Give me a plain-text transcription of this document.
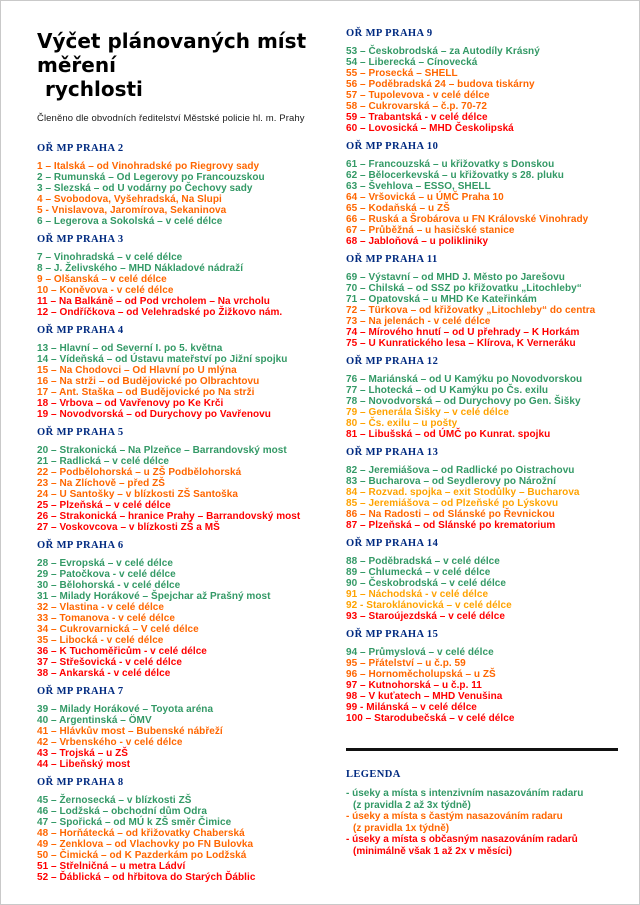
Výčet plánovaných míst měření
rychlosti
Členěno dle obvodních ředitelství Městské policie hl. m. Prahy
OŘ MP PRAHA 2
1 – Italská – od Vinohradské po Riegrovy sady
2 – Rumunská – Od Legerovy po Francouzskou
3 – Slezská – od U vodárny po Čechovy sady
4 – Svobodova, Vyšehradská, Na Slupi
5 - Vnislavova, Jaromírova, Sekaninova
6 – Legerova a Sokolská – v celé délce
OŘ MP PRAHA 3
7 – Vinohradská – v celé délce
8 – J. Želivského – MHD Nákladové nádraží
9 – Olšanská – v celé délce
10 – Koněvova - v celé délce
11 – Na Balkáně – od Pod vrcholem – Na vrcholu
12 – Ondříčkova – od Velehradské po Žižkovo nám.
OŘ MP PRAHA 4
13 – Hlavní – od Severní I. po 5. května
14 – Vídeňská – od Ústavu mateřství po Jižní spojku
15 – Na Chodovci – Od Hlavní po U mlýna
16 – Na strži – od Budějovické po Olbrachtovu
17 – Ant. Staška – od Budějovické po Na strži
18 – Vrbova – od Vavřenovy po Ke Krči
19 – Novodvorská – od Durychovy po Vavřenovu
OŘ MP PRAHA 5
20 – Strakonická – Na Plzeňce – Barrandovský most
21 – Radlická – v celé délce
22 – Podbělohorská – u ZŠ Podbělohorská
23 – Na Zlíchově – před ZŠ
24 – U Santošky – v blízkosti ZŠ Santoška
25 – Plzeňská – v celé délce
26 – Strakonická – hranice Prahy – Barrandovský most
27 – Voskovcova – v blízkosti ZŠ a MŠ
OŘ MP PRAHA 6
28 – Evropská – v celé délce
29 – Patočkova - v celé délce
30 – Bělohorská - v celé délce
31 – Milady Horákové – Špejchar až Prašný most
32 – Vlastina - v celé délce
33 – Tomanova - v celé délce
34 – Cukrovarnická – V celé délce
35 – Libocká - v celé délce
36 – K Tuchoměřicům - v celé délce
37 – Střešovická - v celé délce
38 – Ankarská - v celé délce
OŘ MP PRAHA 7
39 – Milady Horákové – Toyota aréna
40 – Argentinská – ÖMV
41 – Hlávkův most – Bubenské nábřeží
42 – Vrbenského - v celé délce
43 – Trojská – u ZŠ
44 – Libeňský most
OŘ MP PRAHA 8
45 – Žernosecká – v blízkosti ZŠ
46 – Lodžská – obchodní dům Odra
47 – Spořická – od MÚ k ZŠ směr Čimice
48 – Horňátecká – od křižovatky Chaberská
49 – Zenklova – od Vlachovky po FN Bulovka
50 – Čimická – od K Pazderkám po Lodžská
51 – Střelničná – u metra Ládví
52 – Ďáblická – od hřbitova do Starých Ďáblic
OŘ MP PRAHA 9
53 – Českobrodská – za Autodíly Krásný
54 – Liberecká – Cínovecká
55 – Prosecká – SHELL
56 – Poděbradská 24 – budova tiskárny
57 – Tupolevova - v celé délce
58 – Cukrovarská – č.p. 70-72
59 – Trabantská - v celé délce
60 – Lovosická – MHD Českolipská
OŘ MP PRAHA 10
61 – Francouzská – u křižovatky s Donskou
62 – Bělocerkevská – u křižovatky s 28. pluku
63 – Švehlova – ESSO, SHELL
64 – Vršovická – u ÚMČ Praha 10
65 – Kodaňská – u ZŠ
66 – Ruská a Šrobárova u FN Královské Vinohrady
67 – Průběžná – u hasičské stanice
68 – Jabloňová – u polikliniky
OŘ MP PRAHA 11
69 – Výstavní – od MHD J. Město po Jarešovu
70 – Chilská – od SSZ po křižovatku „Litochleby“
71 – Opatovská – u MHD Ke Kateřinkám
72 – Türkova – od křižovatky „Litochleby“ do centra
73 – Na jelenách - v celé délce
74 – Mírového hnutí – od U přehrady – K Horkám
75 – U Kunratického lesa – Klírova, K Verneráku
OŘ MP PRAHA 12
76 – Mariánská – od U Kamýku po Novodvorskou
77 – Lhotecká – od U Kamýku po Čs. exilu
78 – Novodvorská – od Durychovy po Gen. Šišky
79 – Generála Šišky – v celé délce
80 – Čs. exilu – u pošty
81 – Libušská – od ÚMČ po Kunrat. spojku
OŘ MP PRAHA 13
82 – Jeremiášova – od Radlické po Oistrachovu
83 – Bucharova – od Seydlerovy po Nárožní
84 – Rozvad. spojka – exit Stodůlky – Bucharova
85 – Jeremiášova – od Plzeňské po Lýskovu
86 – Na Radosti – od Slánské po Řevnickou
87 – Plzeňská – od Slánské po krematorium
OŘ MP PRAHA 14
88 – Poděbradská – v celé délce
89 – Chlumecká – v celé délce
90 – Českobrodská – v celé délce
91 – Náchodská - v celé délce
92 - Staroklánovická – v celé délce
93 – Staroújezdská – v celé délce
OŘ MP PRAHA 15
94 – Průmyslová – v celé délce
95 – Přátelství – u č.p. 59
96 – Hornoměcholupská – u ZŠ
97 – Kutnohorská – u č.p. 11
98 – V kuťatech – MHD Venušina
99 - Milánská – v celé délce
100 – Starodubečská – v celé délce
LEGENDA
- úseky a místa s intenzivním nasazováním radaru
(z pravidla 2 až 3x týdně)
- úseky a místa s častým nasazováním radaru
(z pravidla 1x týdně)
- úseky a místa s občasným nasazováním radarů
(minimálně však 1 až 2x v měsíci)
